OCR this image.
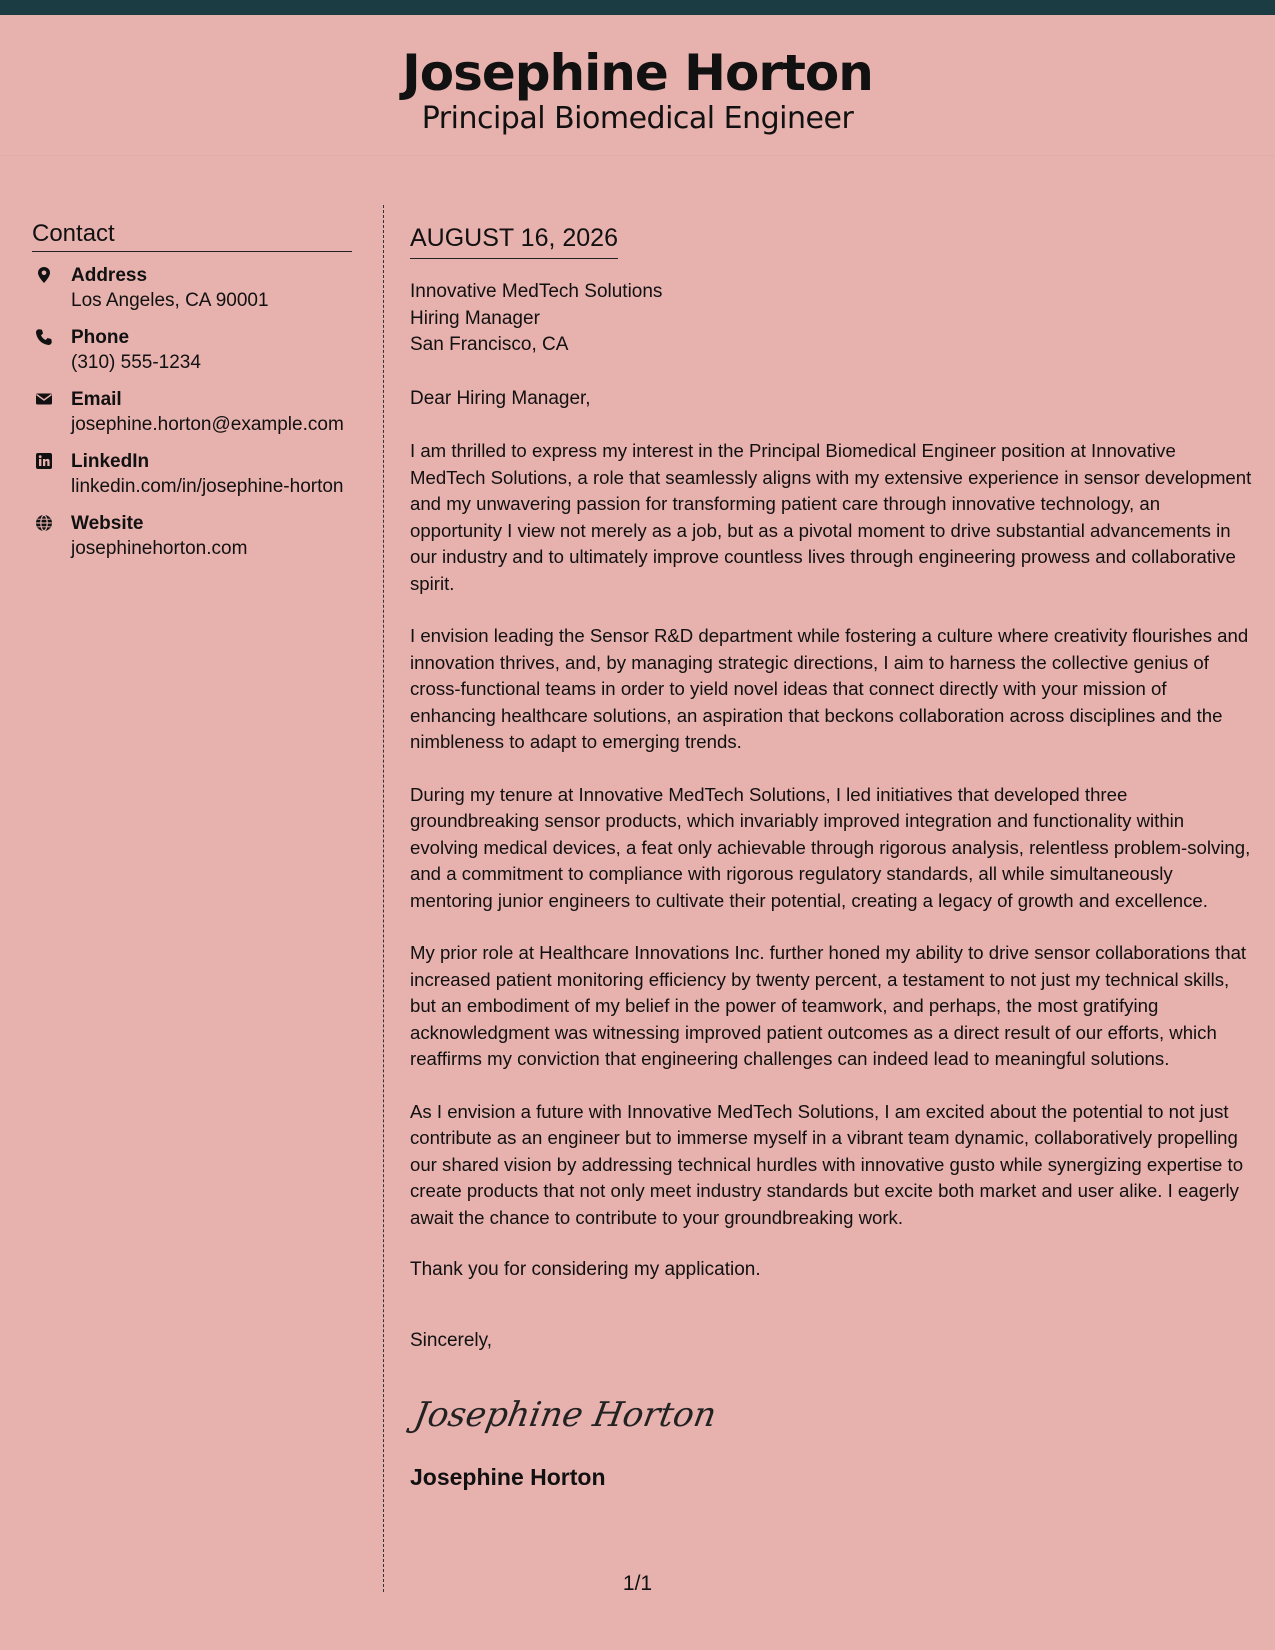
Josephine Horton
Principal Biomedical Engineer
Contact
Address
Los Angeles, CA 90001
Phone
(310) 555-1234
Email
josephine.horton@example.com
LinkedIn
linkedin.com/in/josephine-horton
Website
josephinehorton.com
AUGUST 16, 2026
Innovative MedTech Solutions
Hiring Manager
San Francisco, CA
Dear Hiring Manager,
I am thrilled to express my interest in the Principal Biomedical Engineer position at Innovative MedTech Solutions, a role that seamlessly aligns with my extensive experience in sensor development and my unwavering passion for transforming patient care through innovative technology, an opportunity I view not merely as a job, but as a pivotal moment to drive substantial advancements in our industry and to ultimately improve countless lives through engineering prowess and collaborative spirit.
I envision leading the Sensor R&D department while fostering a culture where creativity flourishes and innovation thrives, and, by managing strategic directions, I aim to harness the collective genius of cross-functional teams in order to yield novel ideas that connect directly with your mission of enhancing healthcare solutions, an aspiration that beckons collaboration across disciplines and the nimbleness to adapt to emerging trends.
During my tenure at Innovative MedTech Solutions, I led initiatives that developed three groundbreaking sensor products, which invariably improved integration and functionality within evolving medical devices, a feat only achievable through rigorous analysis, relentless problem-solving, and a commitment to compliance with rigorous regulatory standards, all while simultaneously mentoring junior engineers to cultivate their potential, creating a legacy of growth and excellence.
My prior role at Healthcare Innovations Inc. further honed my ability to drive sensor collaborations that increased patient monitoring efficiency by twenty percent, a testament to not just my technical skills, but an embodiment of my belief in the power of teamwork, and perhaps, the most gratifying acknowledgment was witnessing improved patient outcomes as a direct result of our efforts, which reaffirms my conviction that engineering challenges can indeed lead to meaningful solutions.
As I envision a future with Innovative MedTech Solutions, I am excited about the potential to not just contribute as an engineer but to immerse myself in a vibrant team dynamic, collaboratively propelling our shared vision by addressing technical hurdles with innovative gusto while synergizing expertise to create products that not only meet industry standards but excite both market and user alike. I eagerly await the chance to contribute to your groundbreaking work.
Thank you for considering my application.
Sincerely,
Josephine Horton
Josephine Horton
1/1
